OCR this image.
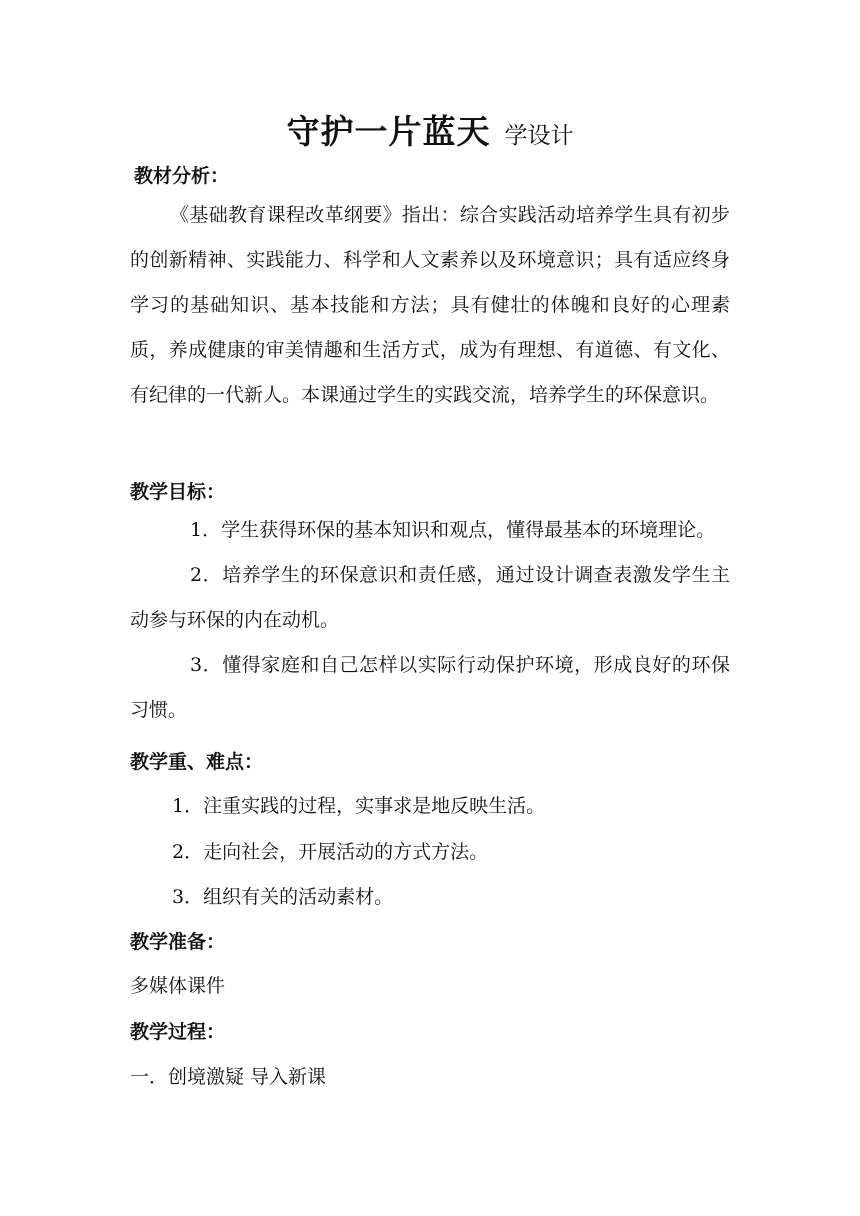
守护一片蓝天 学设计
教材分析：
《基础教育课程改革纲要》指出：综合实践活动培养学生具有初步的创新精神、实践能力、科学和人文素养以及环境意识；具有适应终身学习的基础知识、基本技能和方法；具有健壮的体魄和良好的心理素质，养成健康的审美情趣和生活方式，成为有理想、有道德、有文化、有纪律的一代新人。本课通过学生的实践交流，培养学生的环保意识。
教学目标：
1．学生获得环保的基本知识和观点，懂得最基本的环境理论。
2．培养学生的环保意识和责任感，通过设计调查表激发学生主动参与环保的内在动机。
3．懂得家庭和自己怎样以实际行动保护环境，形成良好的环保习惯。
教学重、难点：
1．注重实践的过程，实事求是地反映生活。
2．走向社会，开展活动的方式方法。
3．组织有关的活动素材。
教学准备：
多媒体课件
教学过程：
一．创境激疑 导入新课
